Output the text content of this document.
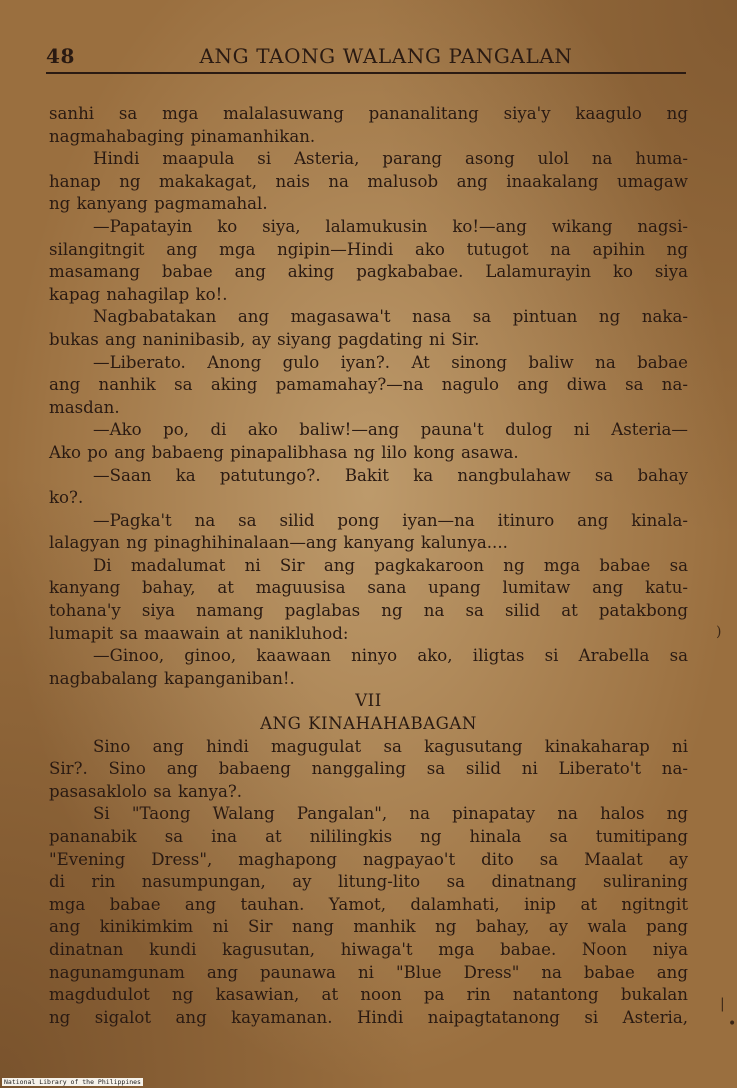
48	ANG TAONG WALANG PANGALAN
sanhi sa mga malalasuwang pananalitang siya'y kaagulo ng
nagmahabaging pinamanhikan.
Hindi maapula si Asteria, parang asong ulol na huma-
hanap ng makakagat, nais na malusob ang inaakalang umagaw
ng kanyang pagmamahal.
—Papatayin ko siya, lalamukusin ko!—ang wikang nagsi-
silangitngit ang mga ngipin—Hindi ako tutugot na apihin ng
masamang babae ang aking pagkababae. Lalamurayin ko siya
kapag nahagilap ko!.
Nagbabatakan ang magasawa't nasa sa pintuan ng naka-
bukas ang naninibasib, ay siyang pagdating ni Sir.
—Liberato. Anong gulo iyan?. At sinong baliw na babae
ang nanhik sa aking pamamahay?—na nagulo ang diwa sa na-
masdan.
—Ako po, di ako baliw!—ang pauna't dulog ni Asteria—
Ako po ang babaeng pinapalibhasa ng lilo kong asawa.
—Saan ka patutungo?. Bakit ka nangbulahaw sa bahay
ko?.
—Pagka't na sa silid pong iyan—na itinuro ang kinala-
lalagyan ng pinaghihinalaan—ang kanyang kalunya....
Di madalumat ni Sir ang pagkakaroon ng mga babae sa
kanyang bahay, at maguusisa sana upang lumitaw ang katu-
tohana'y siya namang paglabas ng na sa silid at patakbong
lumapit sa maawain at nanikluhod:
—Ginoo, ginoo, kaawaan ninyo ako, iligtas si Arabella sa
nagbabalang kapanganiban!.
VII
ANG KINAHAHABAGAN
Sino ang hindi magugulat sa kagusutang kinakaharap ni
Sir?. Sino ang babaeng nanggaling sa silid ni Liberato't na-
pasasaklolo sa kanya?.
Si "Taong Walang Pangalan", na pinapatay na halos ng
pananabik sa ina at nililingkis ng hinala sa tumitipang
"Evening Dress", maghapong nagpayao't dito sa Maalat ay
di rin nasumpungan, ay litung-lito sa dinatnang suliraning
mga babae ang tauhan. Yamot, dalamhati, inip at ngitngit
ang kinikimkim ni Sir nang manhik ng bahay, ay wala pang
dinatnan kundi kagusutan, hiwaga't mga babae. Noon niya
nagunamgunam ang paunawa ni "Blue Dress" na babae ang
magdudulot ng kasawian, at noon pa rin natantong bukalan
ng sigalot ang kayamanan. Hindi naipagtatanong si Asteria,
)
|
•
National Library of the Philippines
